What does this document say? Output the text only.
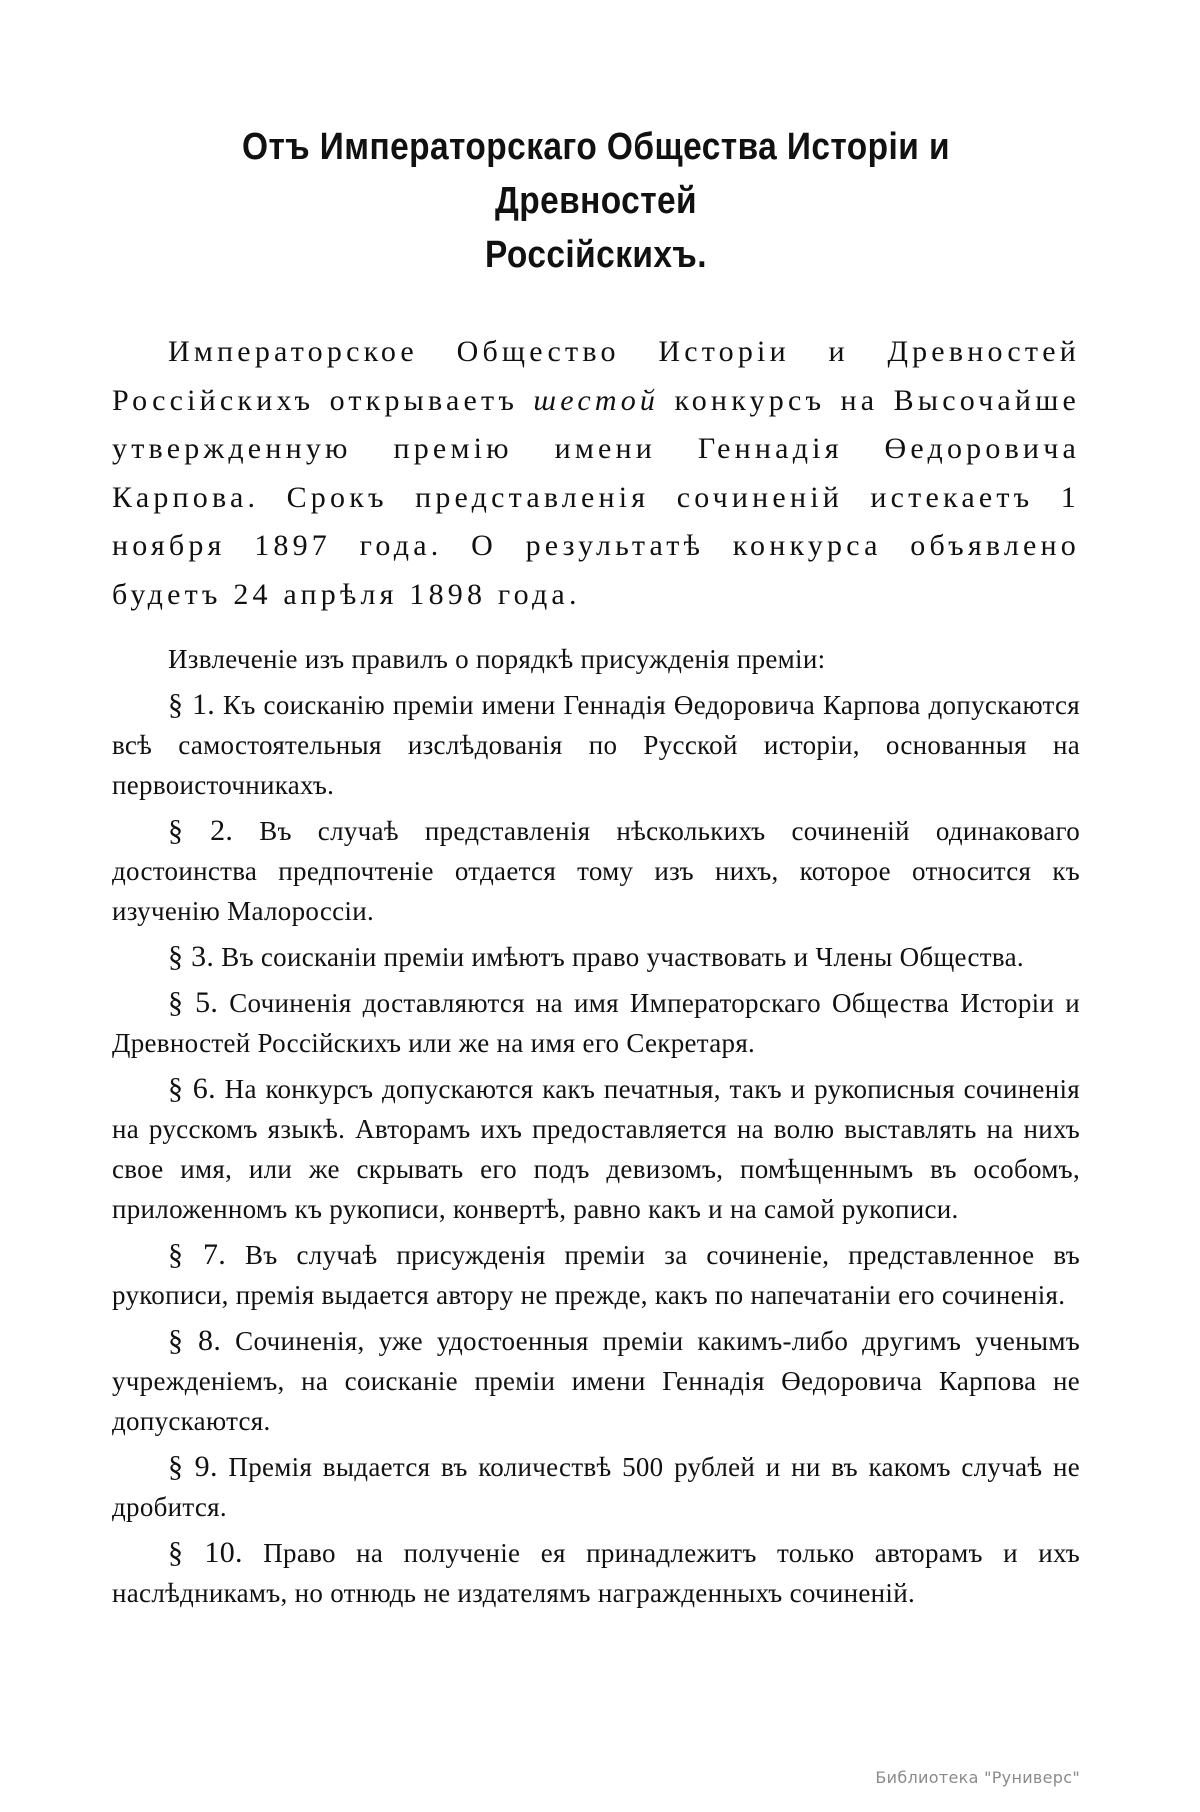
Отъ Императорскаго Общества Исторіи и Древностей
Россійскихъ.

Императорское Общество Исторіи и Древностей Россійскихъ открываетъ шестой конкурсъ на Высочайше утвержденную премію имени Геннадія Өедоровича Карпова. Срокъ представленія сочиненій истекаетъ 1 ноября 1897 года. О результатѣ конкурса объявлено будетъ 24 апрѣля 1898 года.

Извлеченіе изъ правилъ о порядкѣ присужденія преміи:

§ 1. Къ соисканію преміи имени Геннадія Өедоровича Карпова допускаются всѣ самостоятельныя изслѣдованія по Русской исторіи, основанныя на первоисточникахъ.
§ 2. Въ случаѣ представленія нѣсколькихъ сочиненій одинаковаго достоинства предпочтеніе отдается тому изъ нихъ, которое относится къ изученію Малороссіи.
§ 3. Въ соисканіи преміи имѣютъ право участвовать и Члены Общества.
§ 5. Сочиненія доставляются на имя Императорскаго Общества Исторіи и Древностей Россійскихъ или же на имя его Секретаря.
§ 6. На конкурсъ допускаются какъ печатныя, такъ и рукописныя сочиненія на русскомъ языкѣ. Авторамъ ихъ предоставляется на волю выставлять на нихъ свое имя, или же скрывать его подъ девизомъ, помѣщеннымъ въ особомъ, приложенномъ къ рукописи, конвертѣ, равно какъ и на самой рукописи.
§ 7. Въ случаѣ присужденія преміи за сочиненіе, представленное въ рукописи, премія выдается автору не прежде, какъ по напечатаніи его сочиненія.
§ 8. Сочиненія, уже удостоенныя преміи какимъ-либо другимъ ученымъ учрежденіемъ, на соисканіе преміи имени Геннадія Өедоровича Карпова не допускаются.
§ 9. Премія выдается въ количествѣ 500 рублей и ни въ какомъ случаѣ не дробится.
§ 10. Право на полученіе ея принадлежитъ только авторамъ и ихъ наслѣдникамъ, но отнюдь не издателямъ награжденныхъ сочиненій.
Библиотека "Руниверс"
